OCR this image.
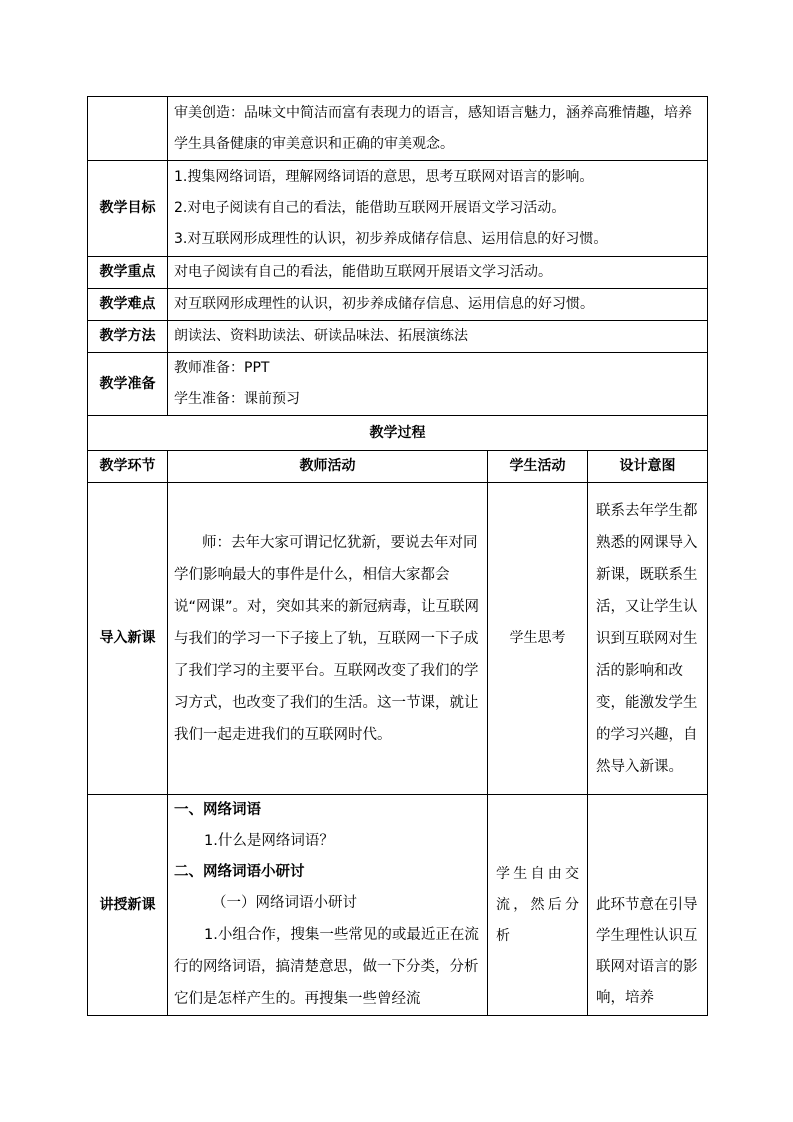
	审美创造：品味文中简洁而富有表现力的语言，感知语言魅力，涵养高雅情趣，培养学生具备健康的审美意识和正确的审美观念。		
教学目标	1.搜集网络词语，理解网络词语的意思，思考互联网对语言的影响。
2.对电子阅读有自己的看法，能借助互联网开展语文学习活动。
3.对互联网形成理性的认识，初步养成储存信息、运用信息的好习惯。		

教学重点	对电子阅读有自己的看法，能借助互联网开展语文学习活动。		
教学难点	对互联网形成理性的认识，初步养成储存信息、运用信息的好习惯。		
教学方法	朗读法、资料助读法、研读品味法、拓展演练法		
教学准备	教师准备：PPT
学生准备：课前预习		

教学过程			
教学环节	教师活动	学生活动	设计意图
导入新课	师：去年大家可谓记忆犹新，要说去年对同学们影响最大的事件是什么，相信大家都会说“网课”。对，突如其来的新冠病毒，让互联网与我们的学习一下子接上了轨，互联网一下子成了我们学习的主要平台。互联网改变了我们的学习方式，也改变了我们的生活。这一节课，就让我们一起走进我们的互联网时代。	学生思考	联系去年学生都熟悉的网课导入新课，既联系生活，又让学生认识到互联网对生活的影响和改变，能激发学生的学习兴趣，自然导入新课。
讲授新课	一、网络词语
1.什么是网络词语？
二、网络词语小研讨
（一）网络词语小研讨
1.小组合作，搜集一些常见的或最近正在流行的网络词语，搞清楚意思，做一下分类，分析它们是怎样产生的。再搜集一些曾经流	学生自由交流，然后分析	此环节意在引导学生理性认识互联网对语言的影响，培养
